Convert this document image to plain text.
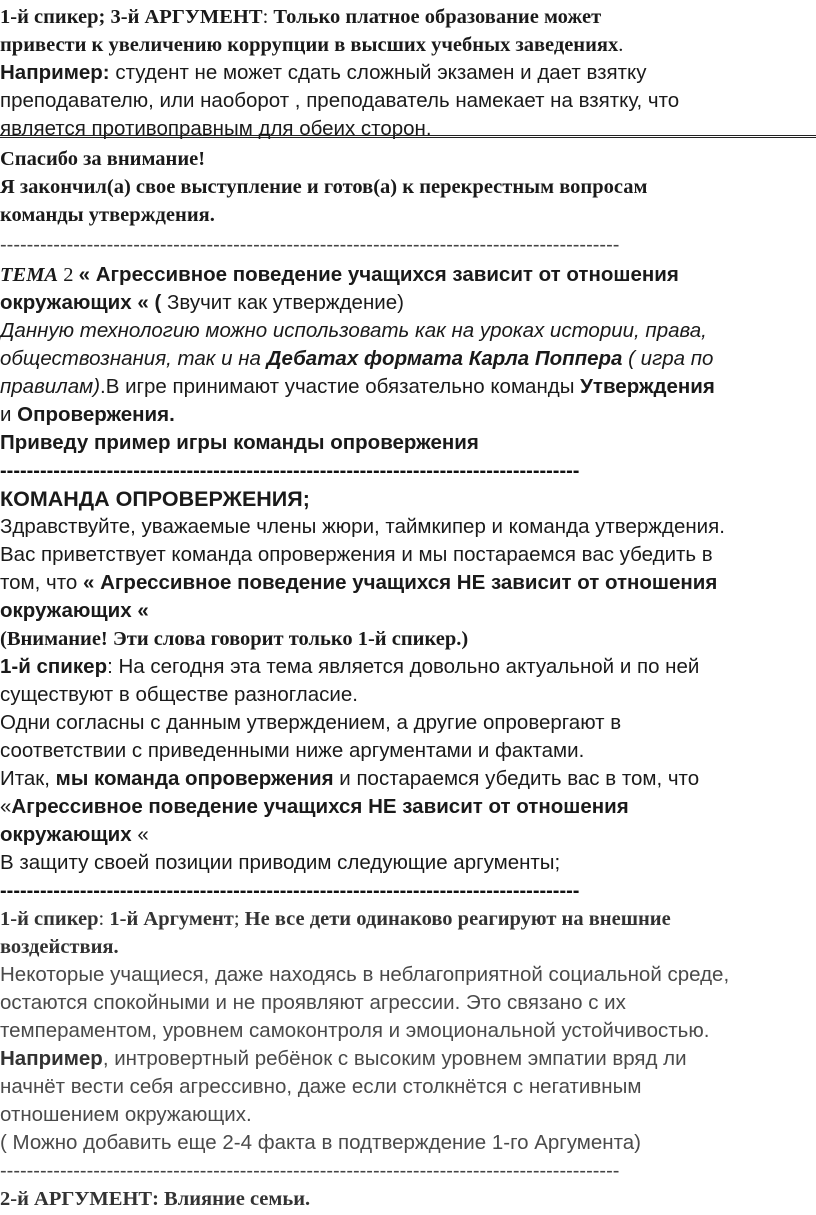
1-й спикер; 3-й АРГУМЕНТ: Только платное образование может
привести к увеличению коррупции в высших учебных заведениях.
Например: студент не может сдать сложный экзамен и дает взятку
преподавателю, или наоборот , преподаватель намекает на взятку, что
является противоправным для обеих сторон.
Спасибо за внимание!
Я закончил(а) свое выступление и готов(а) к перекрестным вопросам
команды утверждения.
---------------------------------------------------------------------------------------------
ТЕМА 2 « Агрессивное поведение учащихся зависит от отношения
окружающих « ( Звучит как утверждение)
Данную технологию можно использовать как на уроках истории, права,
обществознания, так и на Дебатах формата Карла Поппера ( игра по
правилам).В игре принимают участие обязательно команды Утверждения
и Опровержения.
Приведу пример игры команды опровержения
---------------------------------------------------------------------------------------
КОМАНДА ОПРОВЕРЖЕНИЯ;
Здравствуйте, уважаемые члены жюри, таймкипер и команда утверждения.
Вас приветствует команда опровержения и мы постараемся вас убедить в
том, что « Агрессивное поведение учащихся НЕ зависит от отношения
окружающих «
(Внимание! Эти слова говорит только 1-й спикер.)
1-й спикер: На сегодня эта тема является довольно актуальной и по ней
существуют в обществе разногласие.
Одни согласны с данным утверждением, а другие опровергают в
соответствии с приведенными ниже аргументами и фактами.
Итак, мы команда опровержения и постараемся убедить вас в том, что
«Агрессивное поведение учащихся НЕ зависит от отношения
окружающих «
В защиту своей позиции приводим следующие аргументы;
---------------------------------------------------------------------------------------
1-й спикер: 1-й Аргумент; Не все дети одинаково реагируют на внешние
воздействия.
Некоторые учащиеся, даже находясь в неблагоприятной социальной среде,
остаются спокойными и не проявляют агрессии. Это связано с их
темпераментом, уровнем самоконтроля и эмоциональной устойчивостью.
Например, интровертный ребёнок с высоким уровнем эмпатии вряд ли
начнёт вести себя агрессивно, даже если столкнётся с негативным
отношением окружающих.
( Можно добавить еще 2-4 факта в подтверждение 1-го Аргумента)
---------------------------------------------------------------------------------------------
2-й АРГУМЕНТ: Влияние семьи.
